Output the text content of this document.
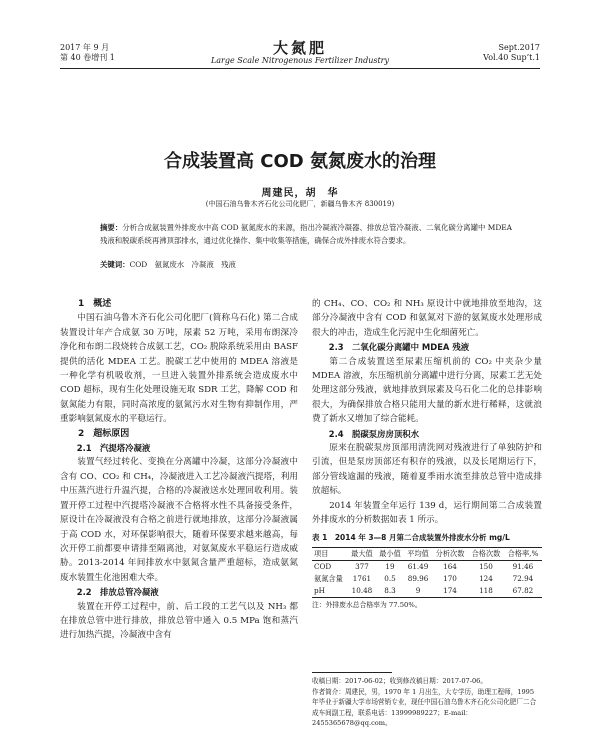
2017 年 9 月
第 40 卷增刊 1
大氮肥
Large Scale Nitrogenous Fertilizer Industry
Sept.2017
Vol.40 Sup’t.1
合成装置高 COD 氨氮废水的治理
周建民，胡　华
(中国石油乌鲁木齐石化公司化肥厂，新疆乌鲁木齐 830019)
摘要：分析合成氨装置外排废水中高 COD 氨氮废水的来源，指出冷凝液冷凝器、排放总管冷凝液、二氧化碳分离罐中 MDEA 残液和脱碳系统再沸顶部排水，通过优化操作、集中收集等措施，确保合成外排废水符合要求。
关键词：COD　氨氮废水　冷凝液　残液

1　概述

中国石油乌鲁木齐石化公司化肥厂(简称乌石化) 第二合成装置设计年产合成氨 30 万吨，尿素 52 万吨，采用布朗深冷净化和布朗二段烧转合成氨工艺，CO₂ 脱除系统采用由 BASF 提供的活化 MDEA 工艺。脱碳工艺中使用的 MDEA 溶液是一种化学有机吸收剂，一旦进入装置外排系统会造成废水中 COD 超标，现有生化处理设施无取 SDR 工艺，降解 COD 和氨氮能力有限，同时高浓度的氨氮污水对生物有抑制作用，严重影响氨氮废水的平稳运行。

2　超标原因

2.1　汽提塔冷凝液

装置气经过转化、变换在分离罐中冷凝，这部分冷凝液中含有 CO、CO₂ 和 CH₄，冷凝液进入工艺冷凝液汽提塔，利用中压蒸汽进行升温汽提，合格的冷凝液送水处理回收利用。装置开停工过程中汽提塔冷凝液不合格将水性不具备接受条件，原设计在冷凝液没有合格之前进行就地排放，这部分冷凝液属于高 COD 水，对环保影响很大，随着环保要求越来越高，每次开停工前都要申请排至隔离池，对氨氮废水平稳运行造成威胁。2013-2014 年间排放水中氨氮含量严重超标，造成氨氮废水装置生化池困难大牵。

2.2　排放总管冷凝液

装置在开停工过程中，前、后工段的工艺气以及 NH₃ 都在排放总管中进行排放，排放总管中通入 0.5 MPa 饱和蒸汽进行加热汽提，冷凝液中含有

的 CH₄、CO、CO₂ 和 NH₃ 原设计中就地排放至地沟，这部分冷凝液中含有 COD 和氨氮对下游的氨氮废水处理形成很大的冲击，造成生化污泥中生化细菌死亡。

2.3　二氧化碳分离罐中 MDEA 残液

第二合成装置送至尿素压缩机前的 CO₂ 中夹杂少量 MDEA 溶液，东压缩机前分离罐中进行分离，尿素工艺无处处理这部分残液，就地排放到尿素及乌石化二化的总排影响很大，为确保排放合格只能用大量的新水进行稀释，这就浪费了新水又增加了综合能耗。

2.4　脱碳泵房房顶积水

原来在脱碳泵房顶部用清洗网对残液进行了单独防护和引流，但是泵房顶部还有积存的残液，以及长尾期运行下，部分管线逾漏的残液，随着夏季雨水流至排放总管中造成排放超标。

2014 年装置全年运行 139 d，运行期间第二合成装置外排废水的分析数据如表 1 所示。

表 1　2014 年 3—8 月第二合成装置外排废水分析 mg/L
项目	最大值	最小值	平均值	分析次数	合格次数	合格率,%
COD	377	19	61.49	164	150	91.46
氨氮含量	1761	0.5	89.96	170	124	72.94
pH	10.48	8.3	9	174	118	67.82
注：外排废水总合格率为 77.50%。
收稿日期：2017-06-02；收到修改稿日期：2017-07-06。
作者简介：周建民，男，1970 年 1 月出生，大专学历，助理工程师，1995 年毕业于新疆大学市场营销专业，现任中国石油乌鲁木齐石化公司化肥厂二合成车间副工程，联系电话：13999989227；E-mail：2455365678@qq.com。
